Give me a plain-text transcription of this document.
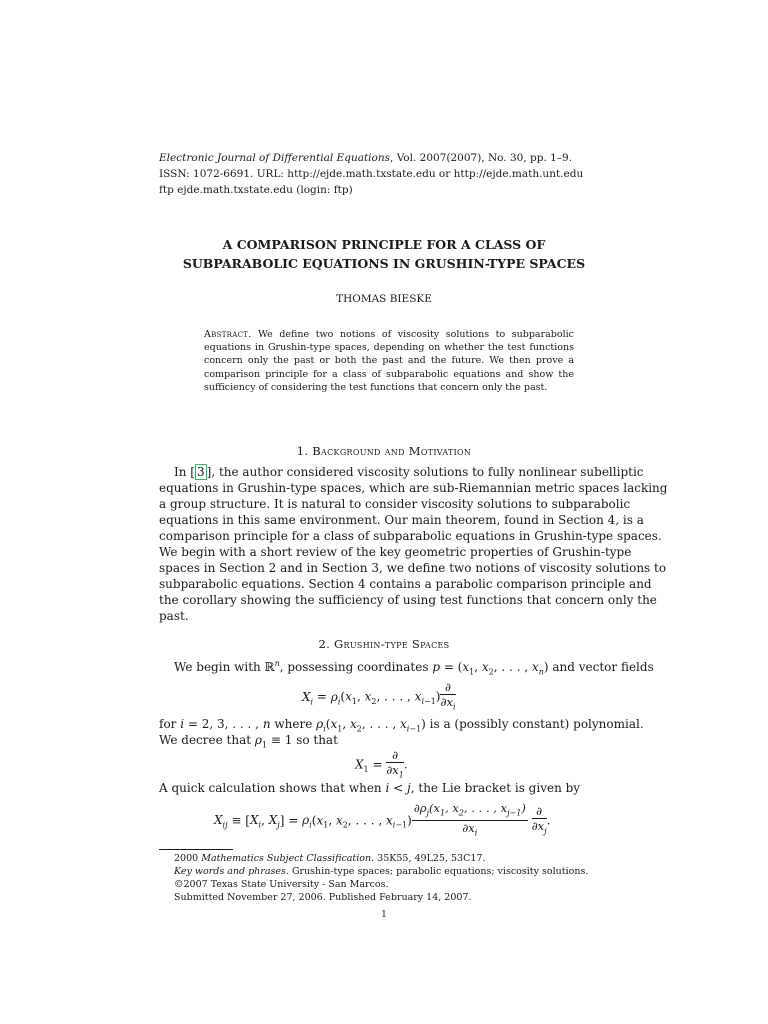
Electronic Journal of Differential Equations, Vol. 2007(2007), No. 30, pp. 1–9.
ISSN: 1072-6691. URL: http://ejde.math.txstate.edu or http://ejde.math.unt.edu
ftp ejde.math.txstate.edu (login: ftp)
A COMPARISON PRINCIPLE FOR A CLASS OF
SUBPARABOLIC EQUATIONS IN GRUSHIN-TYPE SPACES
THOMAS BIESKE
Abstract. We define two notions of viscosity solutions to subparabolic equations in Grushin-type spaces, depending on whether the test functions concern only the past or both the past and the future. We then prove a comparison principle for a class of subparabolic equations and show the sufficiency of considering the test functions that concern only the past.
1. Background and Motivation
In [ 3 ], the author considered viscosity solutions to fully nonlinear subelliptic
equations in Grushin-type spaces, which are sub-Riemannian metric spaces lacking
a group structure. It is natural to consider viscosity solutions to subparabolic
equations in this same environment. Our main theorem, found in Section 4, is a
comparison principle for a class of subparabolic equations in Grushin-type spaces.
We begin with a short review of the key geometric properties of Grushin-type
spaces in Section 2 and in Section 3, we define two notions of viscosity solutions to
subparabolic equations. Section 4 contains a parabolic comparison principle and
the corollary showing the sufficiency of using test functions that concern only the
past.
2. Grushin-type Spaces
We begin with ℝ$^n$, possessing coordinates $p = (x_1$, $x_2$, . . . , $x_n$) and vector fields
$X_i = \rho_i(x_1$, $x_2$, . . . , $x_{i-1}) \frac{\partial}{\partial x_i}$
for i = 2, 3, . . . , n where $\rho_i(x_1$, $x_2$, . . . , $x_{i-1}$) is a (possibly constant) polynomial.
We decree that $\rho_1 \equiv 1$ so that
$X_1 = \frac{\partial}{\partial x_1}$ .
A quick calculation shows that when i < j, the Lie bracket is given by
$X_{ij} \equiv [X_i$, $X_j] = \rho_i(x_1$, $x_2$, . . . , $x_{i-1}) \frac{\partial\rho_j(x_1, x_2, . . . , x_{j-1})}{\partial x_i}$
$\frac{\partial}{\partial x_j}$ .
2000 Mathematics Subject Classification. 35K55, 49L25, 53C17.
Key words and phrases. Grushin-type spaces; parabolic equations; viscosity solutions.
©2007 Texas State University - San Marcos.
Submitted November 27, 2006. Published February 14, 2007.
1
